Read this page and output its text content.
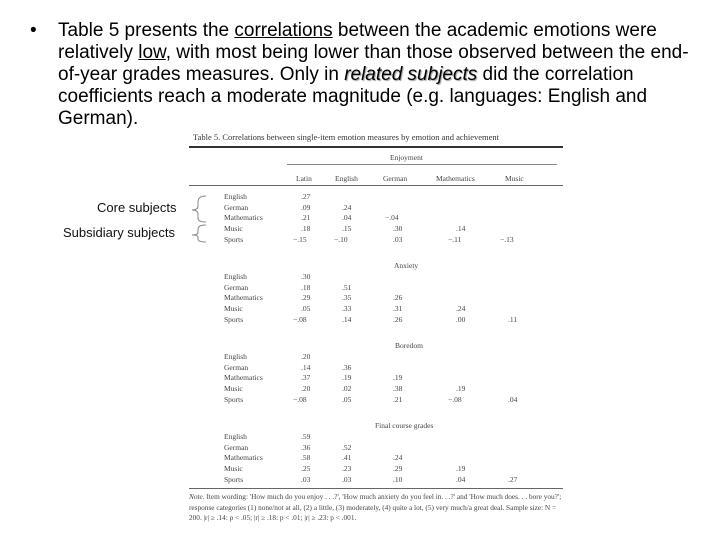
• Table 5 presents the correlations between the academic emotions were relatively low, with most being lower than those observed between the end-of-year grades measures. Only in related subjects did the correlation coefficients reach a moderate magnitude (e.g. languages: English and German).
Core subjects
Subsidiary subjects
Table 5. Correlations between single-item emotion measures by emotion and achievement
Enjoyment
Latin	English	German	Mathematics	Music
English	.27
German	.09	.24
Mathematics	.21	.04	−.04
Music	.18	.15	.30	.14
Sports	−.15	−.10	.03	−.11	−.13
Anxiety
English	.30
German	.18	.51
Mathematics	.29	.35	.26
Music	.05	.33	.31	.24
Sports	−.08	.14	.26	.00	.11
Boredom
English	.20
German	.14	.36
Mathematics	.37	.19	.19
Music	.20	.02	.38	.19
Sports	−.08	.05	.21	−.08	.04
Final course grades
English	.59
German	.36	.52
Mathematics	.58	.41	.24
Music	.25	.23	.29	.19
Sports	.03	.03	.10	.04	.27
Note. Item wording: 'How much do you enjoy . . .?', 'How much anxiety do you feel in. . .?' and 'How much does. . . bore you?'; response categories (1) none/not at all, (2) a little, (3) moderately, (4) quite a lot, (5) very much/a great deal. Sample size: N = 200. |r| ≥ .14: p < .05; |r| ≥ .18: p < .01; |r| ≥ .23: p < .001.
